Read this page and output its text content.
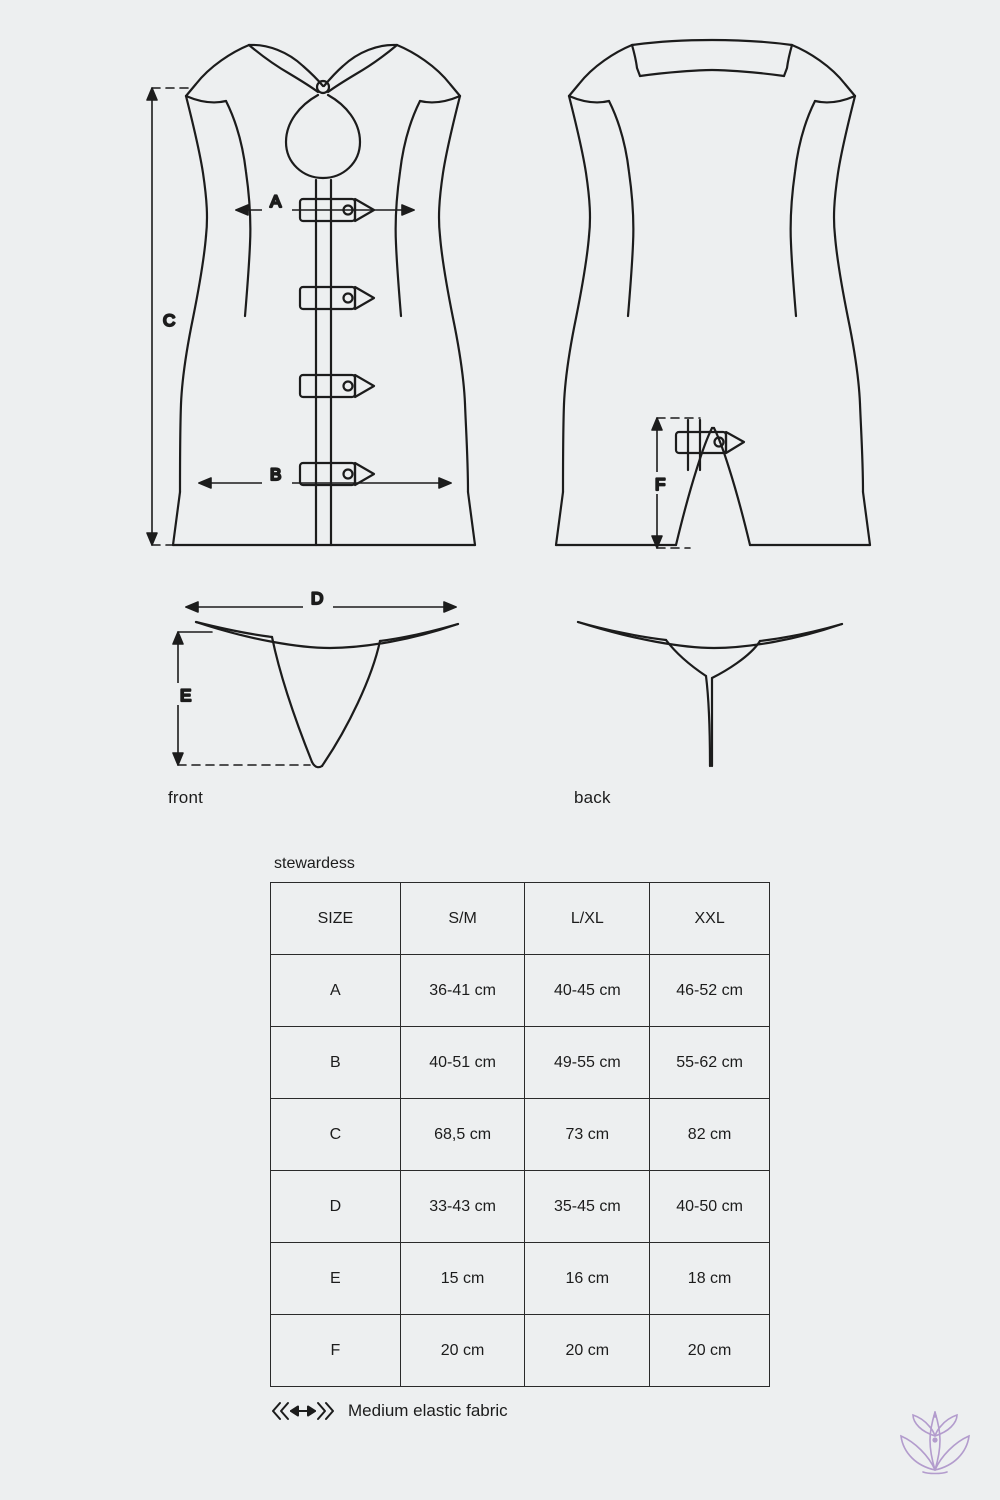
A
B
C
F
D
E
front	back
stewardess
SIZE	S/M	L/XL	XXL
A	36-41 cm	40-45 cm	46-52 cm
B	40-51 cm	49-55 cm	55-62 cm
C	68,5 cm	73 cm	82 cm
D	33-43 cm	35-45 cm	40-50 cm
E	15 cm	16 cm	18 cm
F	20 cm	20 cm	20 cm
Medium elastic fabric
